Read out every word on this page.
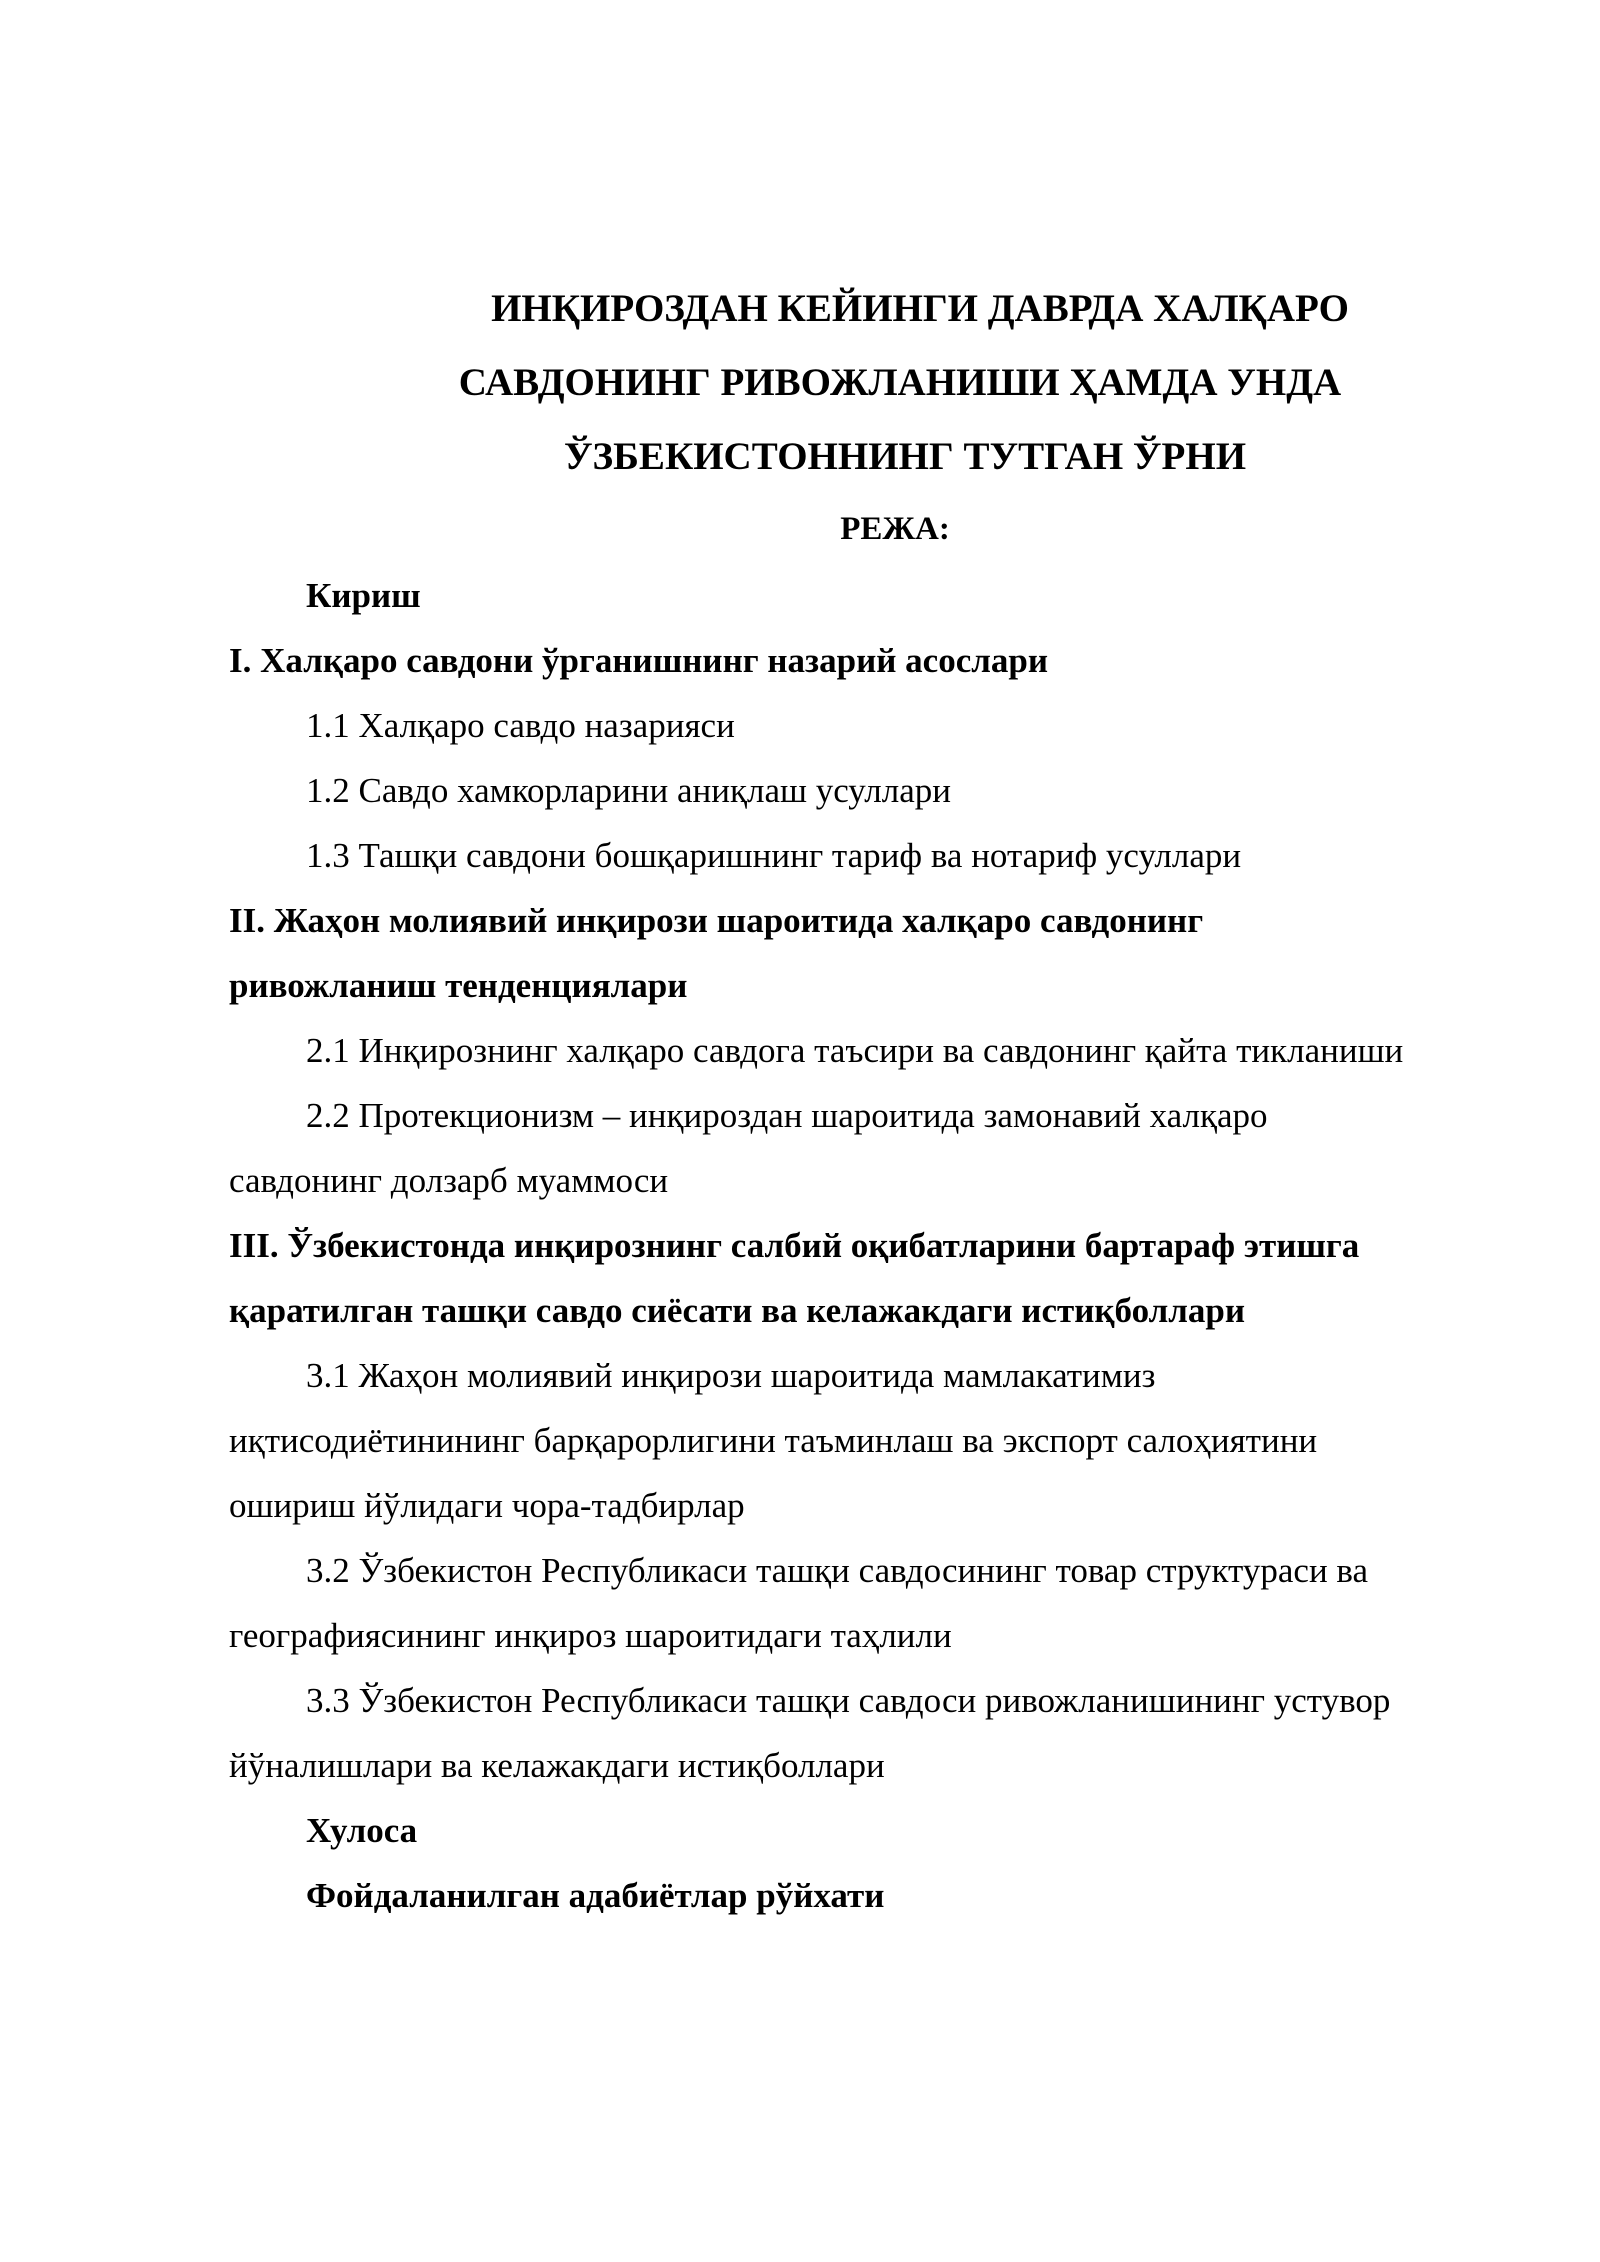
ИНҚИРОЗДАН КЕЙИНГИ ДАВРДА ХАЛҚАРО
САВДОНИНГ РИВОЖЛАНИШИ ҲАМДА УНДА
ЎЗБЕКИСТОННИНГ ТУТГАН ЎРНИ
РЕЖА:
Кириш
I. Халқаро савдони ўрганишнинг назарий асослари
1.1 Халқаро савдо назарияси
1.2 Савдо хамкорларини аниқлаш усуллари
1.3 Ташқи савдони бошқаришнинг тариф ва нотариф усуллари
II. Жаҳон молиявий инқирози шароитида халқаро савдонинг
ривожланиш тенденциялари
2.1 Инқирознинг халқаро савдога таъсири ва савдонинг қайта тикланиши
2.2 Протекционизм – инқироздан шароитида замонавий халқаро
савдонинг долзарб муаммоси
III. Ўзбекистонда инқирознинг салбий оқибатларини бартараф этишга
қаратилган ташқи савдо сиёсати ва келажакдаги истиқболлари
3.1 Жаҳон молиявий инқирози шароитида мамлакатимиз
иқтисодиётинининг барқарорлигини таъминлаш ва экспорт салоҳиятини
ошириш йўлидаги чора-тадбирлар
3.2 Ўзбекистон Республикаси ташқи савдосининг товар структураси ва
географиясининг инқироз шароитидаги таҳлили
3.3 Ўзбекистон Республикаси ташқи савдоси ривожланишининг устувор
йўналишлари ва келажакдаги истиқболлари
Хулоса
Фойдаланилган адабиётлар рўйхати
